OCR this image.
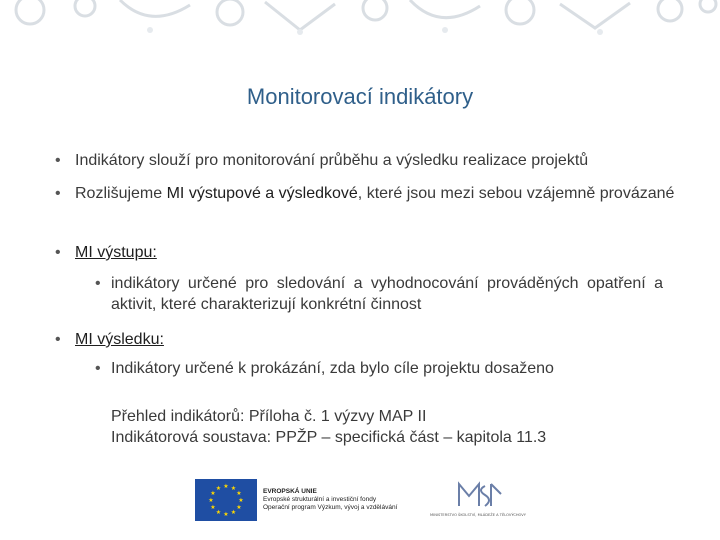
Monitorovací indikátory
• Indikátory slouží pro monitorování průběhu a výsledku realizace projektů
• Rozlišujeme MI výstupové a výsledkové, které jsou mezi sebou vzájemně provázané
• MI výstupu:
• indikátory určené pro sledování a vyhodnocování prováděných opatření a aktivit, které charakterizují konkrétní činnost
• MI výsledku:
• Indikátory určené k prokázání, zda bylo cíle projektu dosaženo
Přehled indikátorů: Příloha č. 1 výzvy MAP II
Indikátorová soustava: PPŽP – specifická část – kapitola 11.3
★ ★
★
★
★
★
★
★
★
★
★
★	EVROPSKÁ UNIE
Evropské strukturální a investiční fondy
Operační program Výzkum, vývoj a vzdělávání
MINISTERSTVO ŠKOLSTVÍ, MLÁDEŽE A TĚLOVÝCHOVY
